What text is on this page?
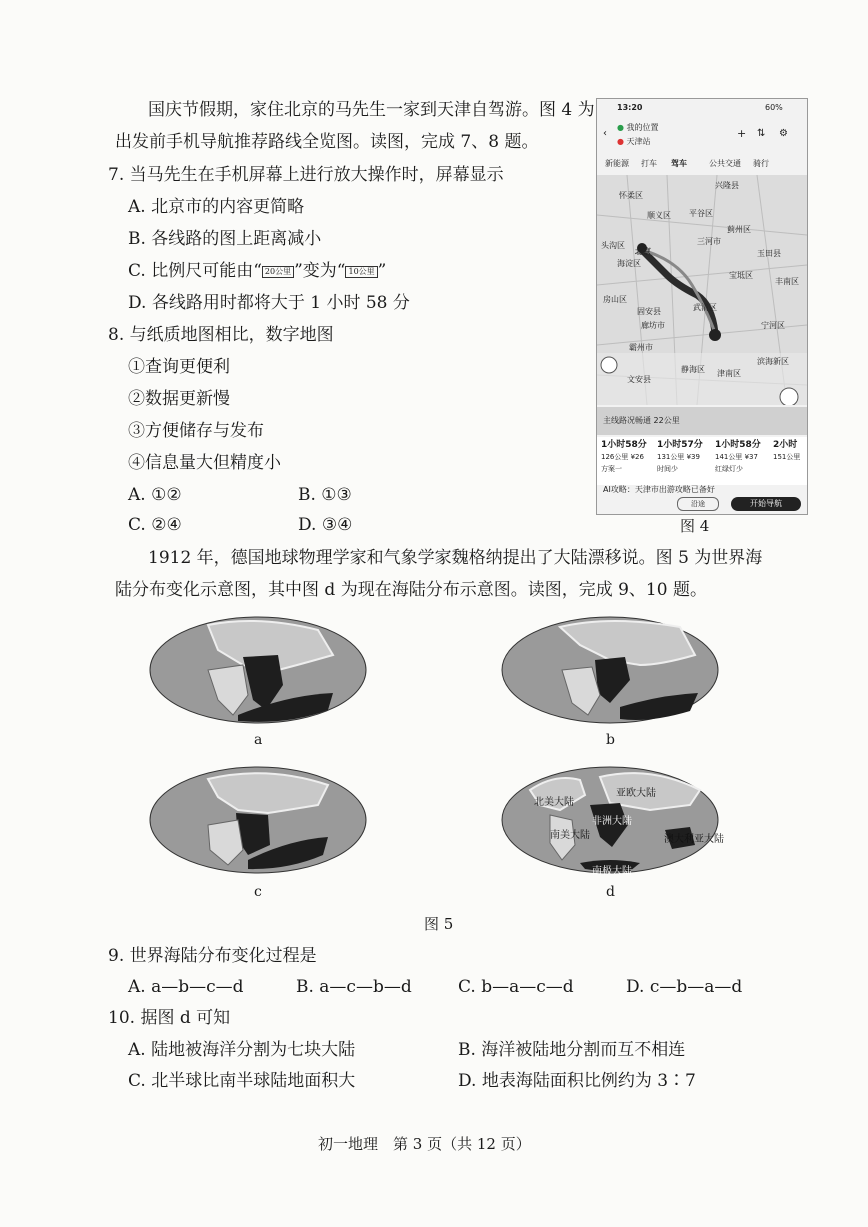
国庆节假期，家住北京的马先生一家到天津自驾游。图 4 为
出发前手机导航推荐路线全览图。读图，完成 7、8 题。
7. 当马先生在手机屏幕上进行放大操作时，屏幕显示
A. 北京市的内容更简略
B. 各线路的图上距离减小
C. 比例尺可能由“ 20公里 ”变为“ 10公里 ”
D. 各线路用时都将大于 1 小时 58 分
8. 与纸质地图相比，数字地图
①查询更便利
②数据更新慢
③方便储存与发布
④信息量大但精度小
A. ①②	B. ①③
C. ②④	D. ③④
13:20	60%
‹
● 我的位置
● 天津站
+ ⇅ ⚙
新能源 打车 驾车	公共交通 骑行
怀柔区
兴隆县
顺义区 平谷区
蓟州区
玉田县
三河市
宝坻区
丰南区
头沟区
海淀区
北京
房山区
宁河区
固安县	武清区
廊坊市
滨海新区
霸州市
静海区 津南区
文安县
主线路况畅通 22公里
1小时58分
126公里 ¥26
方案一
1小时57分
131公里 ¥39
时间少
1小时58分
141公里 ¥37
红绿灯少
2小时
151公里
AI攻略：天津市出游攻略已备好
沿途	开始导航
图 4
1912 年，德国地球物理学家和气象学家魏格纳提出了大陆漂移说。图 5 为世界海
陆分布变化示意图，其中图 d 为现在海陆分布示意图。读图，完成 9、10 题。
a	b
c
北美大陆
亚欧大陆
非洲大陆
南美大陆	澳大利亚大陆
南极大陆
d
图 5
9. 世界海陆分布变化过程是
A. a—b—c—d	B. a—c—b—d	C. b—a—c—d	D. c—b—a—d
10. 据图 d 可知
A. 陆地被海洋分割为七块大陆	B. 海洋被陆地分割而互不相连
C. 北半球比南半球陆地面积大	D. 地表海陆面积比例约为 3∶7
初一地理　第 3 页（共 12 页）
